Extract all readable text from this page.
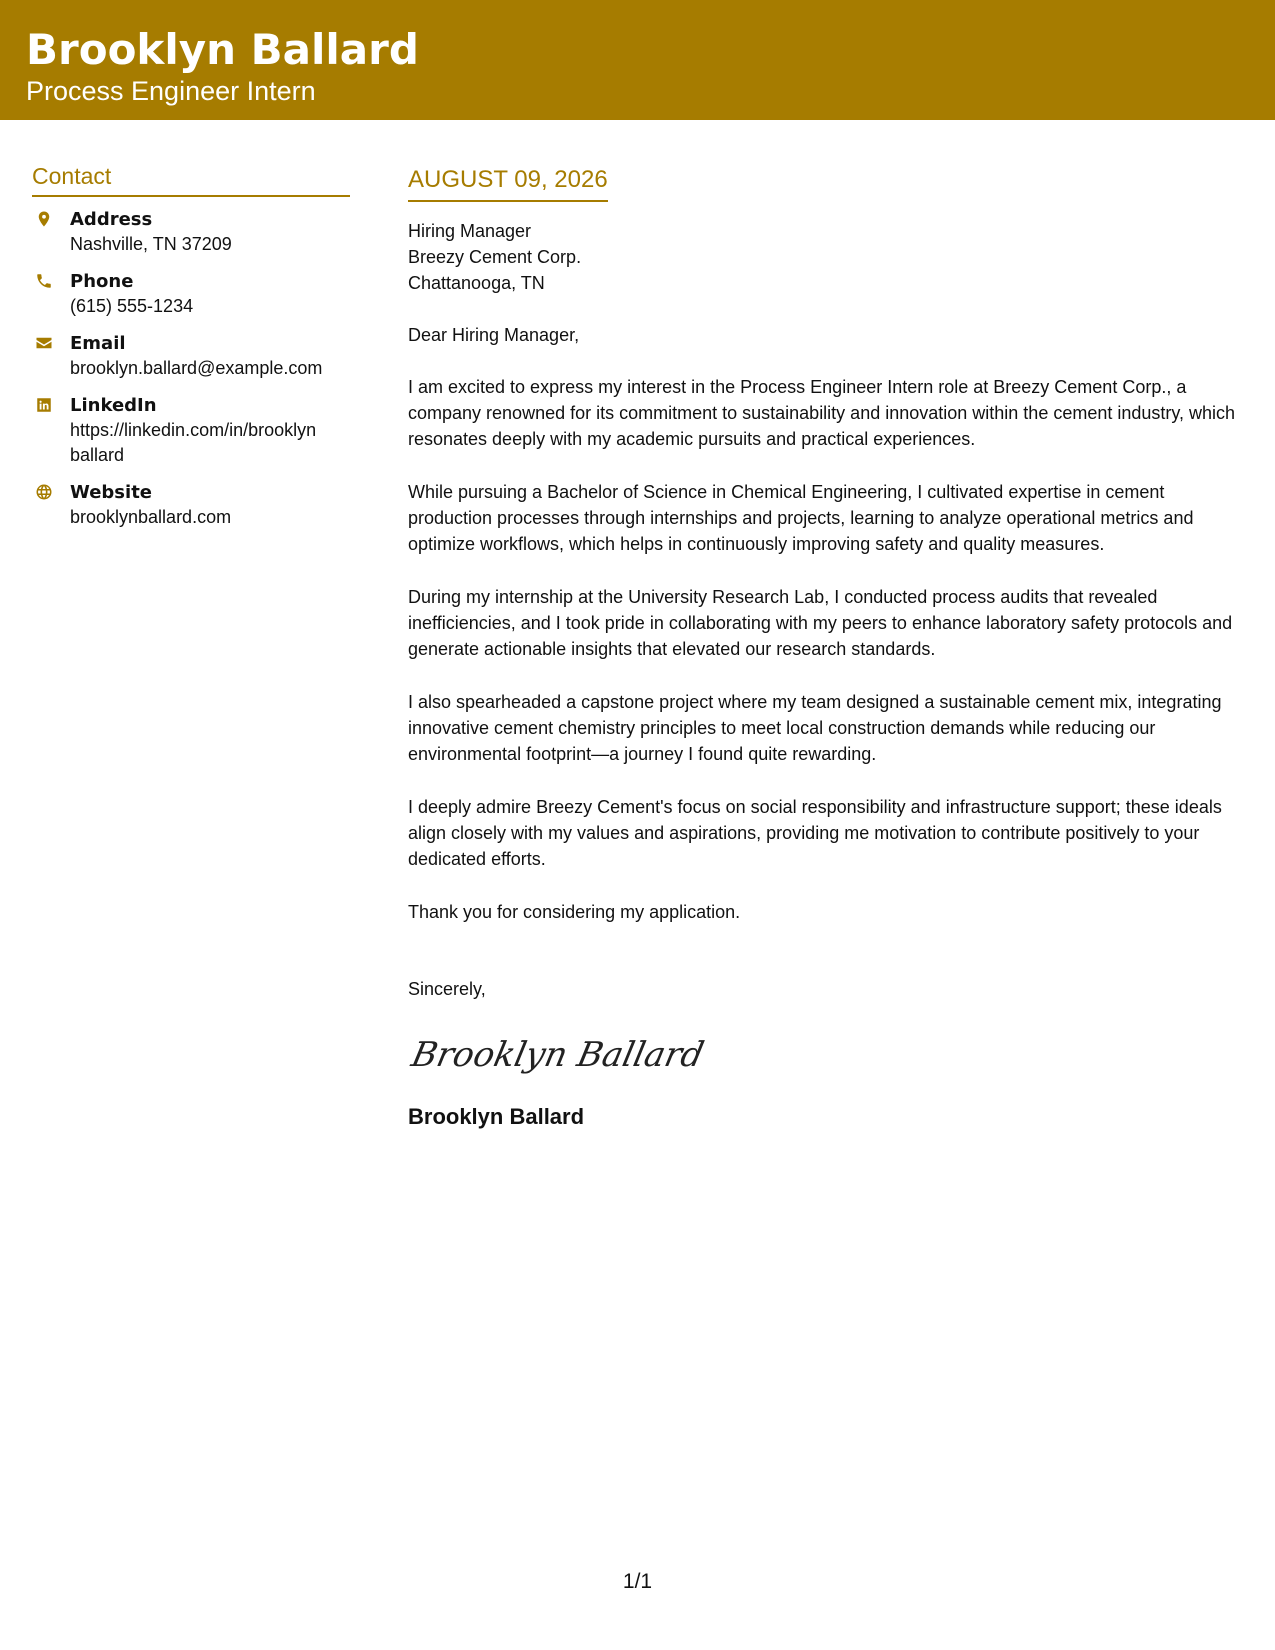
Brooklyn Ballard
Process Engineer Intern
Contact
Address
Nashville, TN 37209
Phone
(615) 555-1234
Email
brooklyn.ballard@example.com
LinkedIn
https://linkedin.com/in/brooklyn ballard
Website
brooklynballard.com
AUGUST 09, 2026
Hiring Manager
Breezy Cement Corp.
Chattanooga, TN

Dear Hiring Manager,

I am excited to express my interest in the Process Engineer Intern role at Breezy Cement Corp., a company renowned for its commitment to sustainability and innovation within the cement industry, which resonates deeply with my academic pursuits and practical experiences.

While pursuing a Bachelor of Science in Chemical Engineering, I cultivated expertise in cement production processes through internships and projects, learning to analyze operational metrics and optimize workflows, which helps in continuously improving safety and quality measures.

During my internship at the University Research Lab, I conducted process audits that revealed inefficiencies, and I took pride in collaborating with my peers to enhance laboratory safety protocols and generate actionable insights that elevated our research standards.

I also spearheaded a capstone project where my team designed a sustainable cement mix, integrating innovative cement chemistry principles to meet local construction demands while reducing our environmental footprint—a journey I found quite rewarding.

I deeply admire Breezy Cement's focus on social responsibility and infrastructure support; these ideals align closely with my values and aspirations, providing me motivation to contribute positively to your dedicated efforts.

Thank you for considering my application.

Sincerely,

Brooklyn Ballard
Brooklyn Ballard
1/1
